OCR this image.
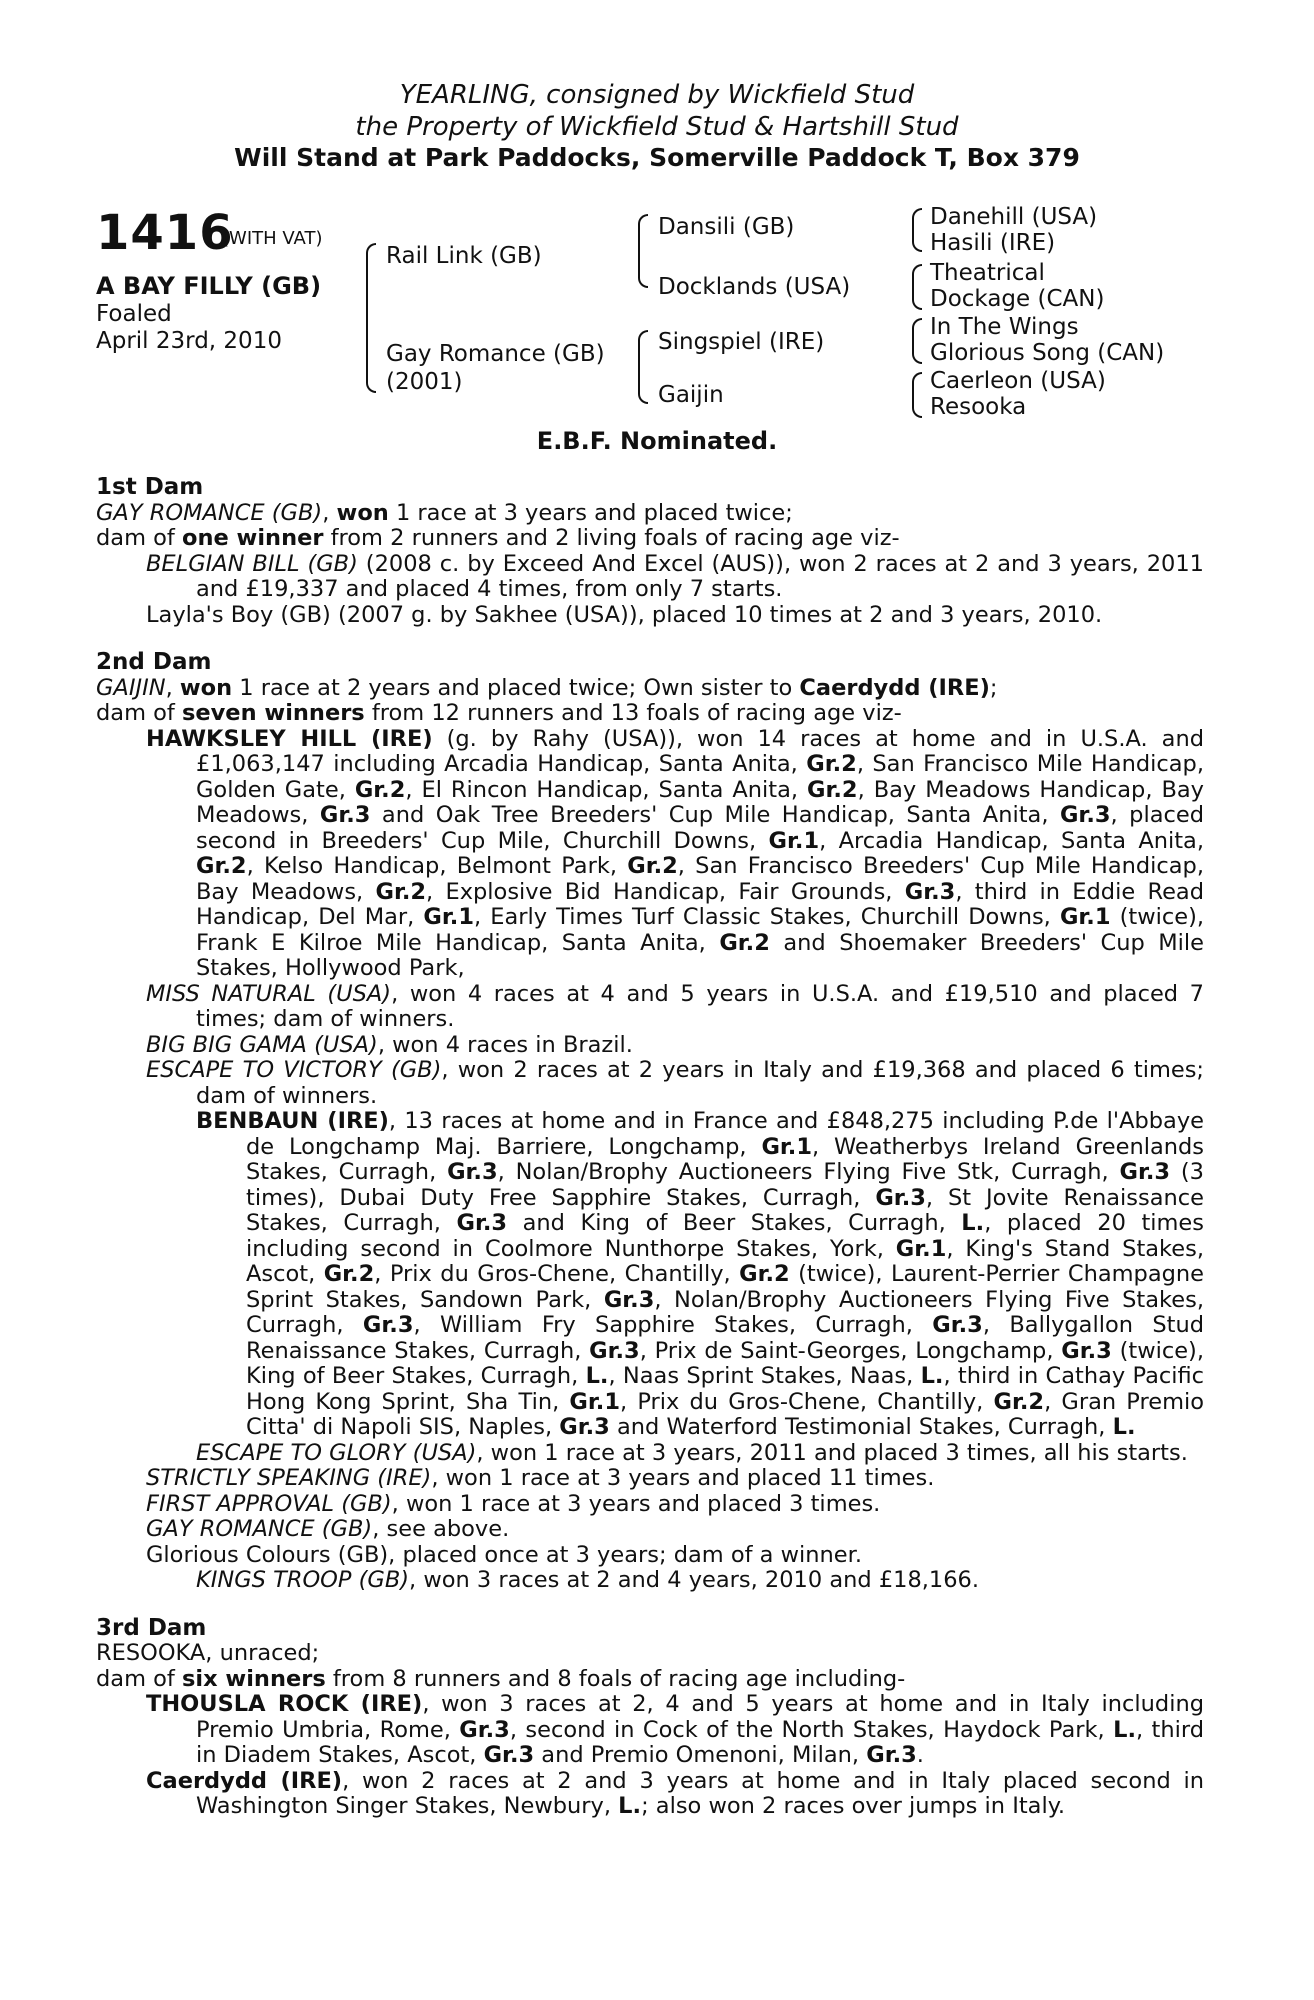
YEARLING, consigned by Wickfield Stud
the Property of Wickfield Stud & Hartshill Stud
Will Stand at Park Paddocks, Somerville Paddock T, Box 379
1416
(WITH VAT)
A BAY FILLY (GB)
Foaled
April 23rd, 2010
Rail Link (GB)
Gay Romance (GB)
(2001)
Dansili (GB)
Docklands (USA)
Singspiel (IRE)
Gaijin
Danehill (USA)
Hasili (IRE)
Theatrical
Dockage (CAN)
In The Wings
Glorious Song (CAN)
Caerleon (USA)
Resooka
E.B.F. Nominated.
1st Dam
GAY ROMANCE (GB), won 1 race at 3 years and placed twice;
dam of one winner from 2 runners and 2 living foals of racing age viz-
BELGIAN BILL (GB) (2008 c. by Exceed And Excel (AUS)), won 2 races at 2 and 3 years, 2011 and £19,337 and placed 4 times, from only 7 starts.
Layla's Boy (GB) (2007 g. by Sakhee (USA)), placed 10 times at 2 and 3 years, 2010.
2nd Dam
GAIJIN, won 1 race at 2 years and placed twice; Own sister to Caerdydd (IRE);
dam of seven winners from 12 runners and 13 foals of racing age viz-
HAWKSLEY HILL (IRE) (g. by Rahy (USA)), won 14 races at home and in U.S.A. and £1,063,147 including Arcadia Handicap, Santa Anita, Gr.2, San Francisco Mile Handicap, Golden Gate, Gr.2, El Rincon Handicap, Santa Anita, Gr.2, Bay Meadows Handicap, Bay Meadows, Gr.3 and Oak Tree Breeders' Cup Mile Handicap, Santa Anita, Gr.3, placed second in Breeders' Cup Mile, Churchill Downs, Gr.1, Arcadia Handicap, Santa Anita, Gr.2, Kelso Handicap, Belmont Park, Gr.2, San Francisco Breeders' Cup Mile Handicap, Bay Meadows, Gr.2, Explosive Bid Handicap, Fair Grounds, Gr.3, third in Eddie Read Handicap, Del Mar, Gr.1, Early Times Turf Classic Stakes, Churchill Downs, Gr.1 (twice), Frank E Kilroe Mile Handicap, Santa Anita, Gr.2 and Shoemaker Breeders' Cup Mile Stakes, Hollywood Park,
MISS NATURAL (USA), won 4 races at 4 and 5 years in U.S.A. and £19,510 and placed 7 times; dam of winners.
BIG BIG GAMA (USA), won 4 races in Brazil.
ESCAPE TO VICTORY (GB), won 2 races at 2 years in Italy and £19,368 and placed 6 times; dam of winners.
BENBAUN (IRE), 13 races at home and in France and £848,275 including P.de l'Abbaye de Longchamp Maj. Barriere, Longchamp, Gr.1, Weatherbys Ireland Greenlands Stakes, Curragh, Gr.3, Nolan/Brophy Auctioneers Flying Five Stk, Curragh, Gr.3 (3 times), Dubai Duty Free Sapphire Stakes, Curragh, Gr.3, St Jovite Renaissance Stakes, Curragh, Gr.3 and King of Beer Stakes, Curragh, L., placed 20 times including second in Coolmore Nunthorpe Stakes, York, Gr.1, King's Stand Stakes, Ascot, Gr.2, Prix du Gros-Chene, Chantilly, Gr.2 (twice), Laurent-Perrier Champagne Sprint Stakes, Sandown Park, Gr.3, Nolan/Brophy Auctioneers Flying Five Stakes, Curragh, Gr.3, William Fry Sapphire Stakes, Curragh, Gr.3, Ballygallon Stud Renaissance Stakes, Curragh, Gr.3, Prix de Saint-Georges, Longchamp, Gr.3 (twice), King of Beer Stakes, Curragh, L., Naas Sprint Stakes, Naas, L., third in Cathay Pacific Hong Kong Sprint, Sha Tin, Gr.1, Prix du Gros-Chene, Chantilly, Gr.2, Gran Premio Citta' di Napoli SIS, Naples, Gr.3 and Waterford Testimonial Stakes, Curragh, L.
ESCAPE TO GLORY (USA), won 1 race at 3 years, 2011 and placed 3 times, all his starts.
STRICTLY SPEAKING (IRE), won 1 race at 3 years and placed 11 times.
FIRST APPROVAL (GB), won 1 race at 3 years and placed 3 times.
GAY ROMANCE (GB), see above.
Glorious Colours (GB), placed once at 3 years; dam of a winner.
KINGS TROOP (GB), won 3 races at 2 and 4 years, 2010 and £18,166.
3rd Dam
RESOOKA, unraced;
dam of six winners from 8 runners and 8 foals of racing age including-
THOUSLA ROCK (IRE), won 3 races at 2, 4 and 5 years at home and in Italy including Premio Umbria, Rome, Gr.3, second in Cock of the North Stakes, Haydock Park, L., third in Diadem Stakes, Ascot, Gr.3 and Premio Omenoni, Milan, Gr.3.
Caerdydd (IRE), won 2 races at 2 and 3 years at home and in Italy placed second in Washington Singer Stakes, Newbury, L.; also won 2 races over jumps in Italy.
